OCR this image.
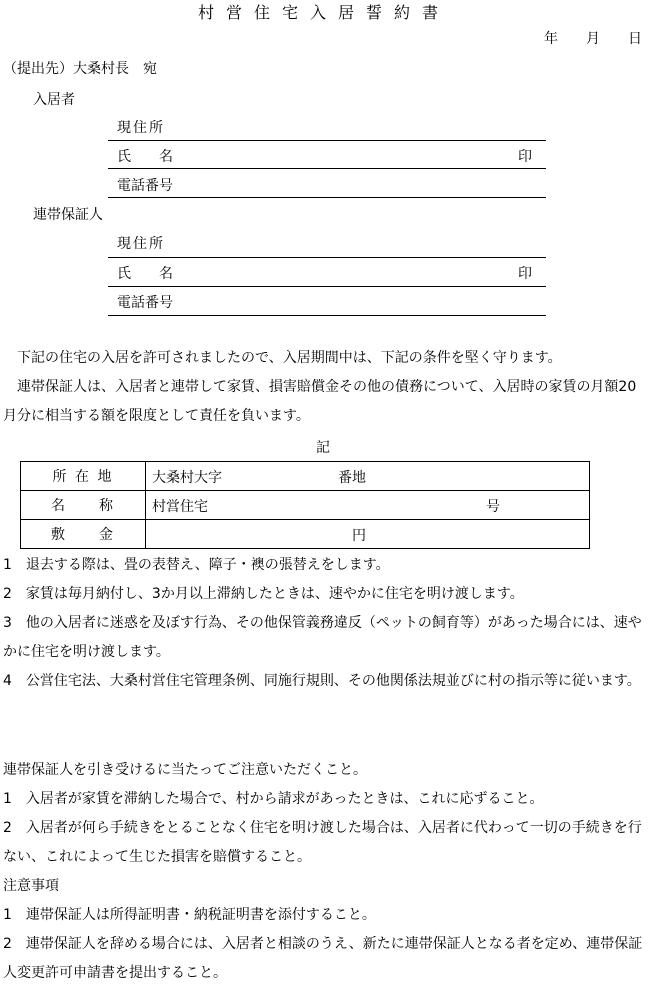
村営住宅入居誓約書
年 月 日
（提出先）大桑村長　宛
入居者
現住所
氏　　名	印
電話番号
連帯保証人
現住所
氏　　名	印
電話番号
　下記の住宅の入居を許可されましたので、入居期間中は、下記の条件を堅く守ります。
　連帯保証人は、入居者と連帯して家賃、損害賠償金その他の債務について、入居時の家賃の月額20月分に相当する額を限度として責任を負います。
記
所 在 地	大桑村大字 番地

名　　称	村営住宅 号

敷　　金	円
1　 退去する際は、畳の表替え、障子・襖の張替えをします。
2　 家賃は毎月納付し、3か月以上滞納したときは、速やかに住宅を明け渡します。
3　 他の入居者に迷惑を及ぼす行為、その他保管義務違反（ペットの飼育等）があった場合には、速やかに住宅を明け渡します。
4　 公営住宅法、大桑村営住宅管理条例、同施行規則、その他関係法規並びに村の指示等に従います。
連帯保証人を引き受けるに当たってご注意いただくこと。
1　 入居者が家賃を滞納した場合で、村から請求があったときは、これに応ずること。
2　 入居者が何ら手続きをとることなく住宅を明け渡した場合は、入居者に代わって一切の手続きを行ない、これによって生じた損害を賠償すること。
注意事項
1　 連帯保証人は所得証明書・納税証明書を添付すること。
2　 連帯保証人を辞める場合には、入居者と相談のうえ、新たに連帯保証人となる者を定め、連帯保証人変更許可申請書を提出すること。
